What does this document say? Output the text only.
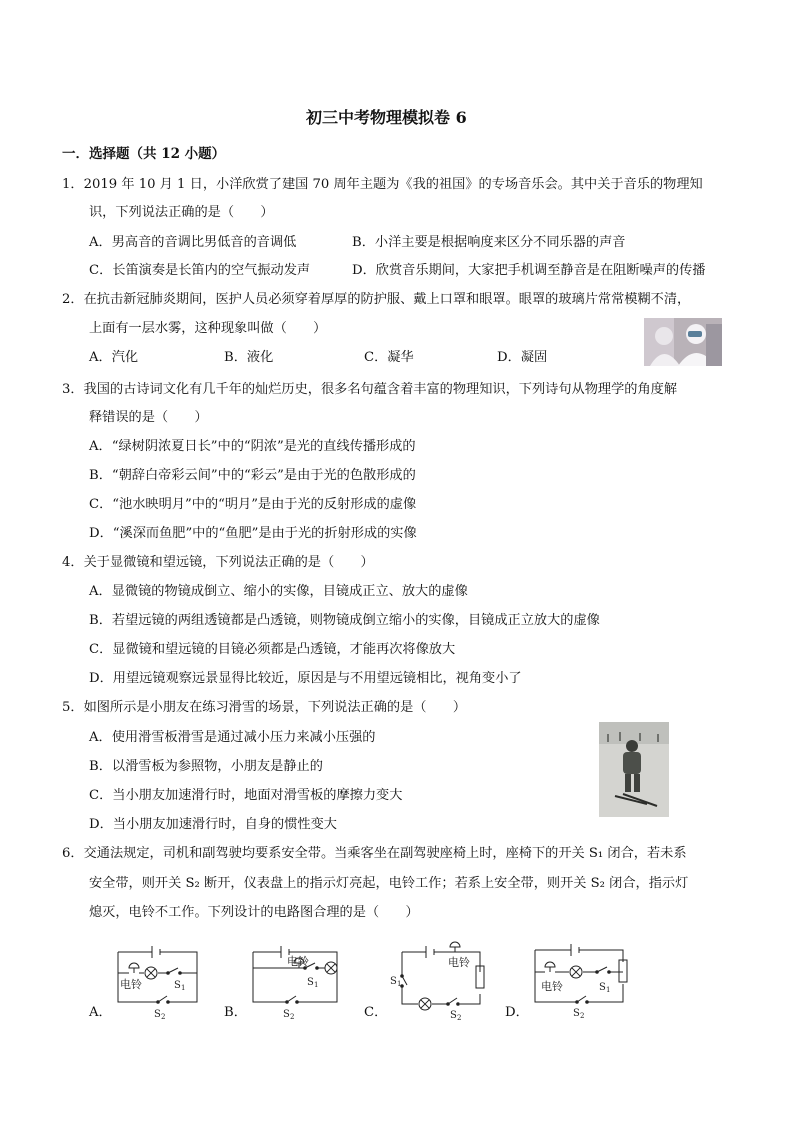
初三中考物理模拟卷 6
一．选择题（共 12 小题）
1．2019 年 10 月 1 日，小洋欣赏了建国 70 周年主题为《我的祖国》的专场音乐会。其中关于音乐的物理知
识，下列说法正确的是（　　）
A．男高音的音调比男低音的音调低	B．小洋主要是根据响度来区分不同乐器的声音
C．长笛演奏是长笛内的空气振动发声	D．欣赏音乐期间，大家把手机调至静音是在阻断噪声的传播
2．在抗击新冠肺炎期间，医护人员必须穿着厚厚的防护服、戴上口罩和眼罩。眼罩的玻璃片常常模糊不清，
上面有一层水雾，这种现象叫做（　　）
A．汽化	B．液化	C．凝华	D．凝固
3．我国的古诗词文化有几千年的灿烂历史，很多名句蕴含着丰富的物理知识，下列诗句从物理学的角度解
释错误的是（　　）
A．“绿树阴浓夏日长”中的“阴浓”是光的直线传播形成的
B．“朝辞白帝彩云间”中的“彩云”是由于光的色散形成的
C．“池水映明月”中的“明月”是由于光的反射形成的虚像
D．“溪深而鱼肥”中的“鱼肥”是由于光的折射形成的实像
4．关于显微镜和望远镜，下列说法正确的是（　　）
A．显微镜的物镜成倒立、缩小的实像，目镜成正立、放大的虚像
B．若望远镜的两组透镜都是凸透镜，则物镜成倒立缩小的实像，目镜成正立放大的虚像
C．显微镜和望远镜的目镜必须都是凸透镜，才能再次将像放大
D．用望远镜观察远景显得比较近，原因是与不用望远镜相比，视角变小了
5．如图所示是小朋友在练习滑雪的场景，下列说法正确的是（　　）
A．使用滑雪板滑雪是通过减小压力来减小压强的
B．以滑雪板为参照物，小朋友是静止的
C．当小朋友加速滑行时，地面对滑雪板的摩擦力变大
D．当小朋友加速滑行时，自身的惯性变大
6．交通法规定，司机和副驾驶均要系安全带。当乘客坐在副驾驶座椅上时，座椅下的开关 S₁ 闭合，若未系
安全带，则开关 S₂ 断开，仪表盘上的指示灯亮起，电铃工作；若系上安全带，则开关 S₂ 闭合，指示灯
熄灭，电铃不工作。下列设计的电路图合理的是（　　）
A．	B．	C．	D．
电铃	S 1
S 2
电铃
S 1
S 2
电铃
S 1
S 2
电铃	S 1
S 2
